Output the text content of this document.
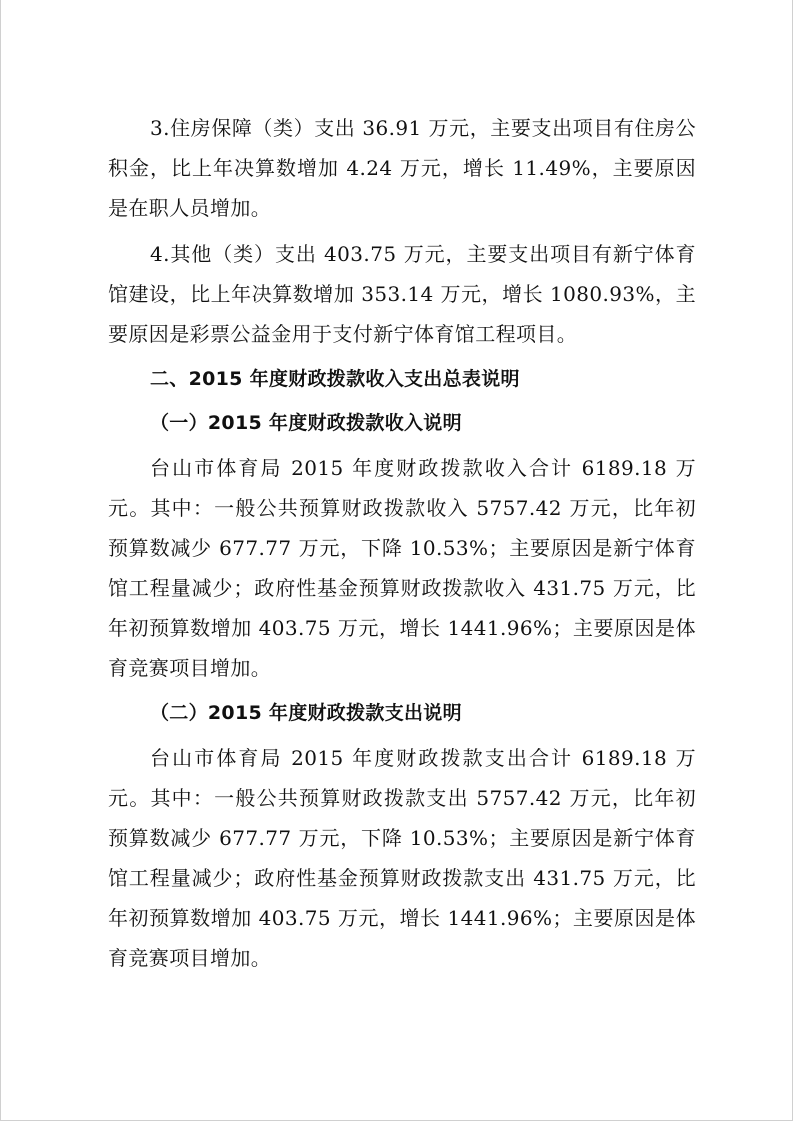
3.住房保障（类）支出 36.91 万元，主要支出项目有住房公积金，比上年决算数增加 4.24 万元，增长 11.49%，主要原因是在职人员增加。

4.其他（类）支出 403.75 万元，主要支出项目有新宁体育馆建设，比上年决算数增加 353.14 万元，增长 1080.93%，主要原因是彩票公益金用于支付新宁体育馆工程项目。

二、2015 年度财政拨款收入支出总表说明

（一）2015 年度财政拨款收入说明

台山市体育局 2015 年度财政拨款收入合计 6189.18 万元。其中：一般公共预算财政拨款收入 5757.42 万元，比年初预算数减少 677.77 万元，下降 10.53%；主要原因是新宁体育馆工程量减少；政府性基金预算财政拨款收入 431.75 万元，比年初预算数增加 403.75 万元，增长 1441.96%；主要原因是体育竞赛项目增加。

（二）2015 年度财政拨款支出说明

台山市体育局 2015 年度财政拨款支出合计 6189.18 万元。其中：一般公共预算财政拨款支出 5757.42 万元，比年初预算数减少 677.77 万元，下降 10.53%；主要原因是新宁体育馆工程量减少；政府性基金预算财政拨款支出 431.75 万元，比年初预算数增加 403.75 万元，增长 1441.96%；主要原因是体育竞赛项目增加。
